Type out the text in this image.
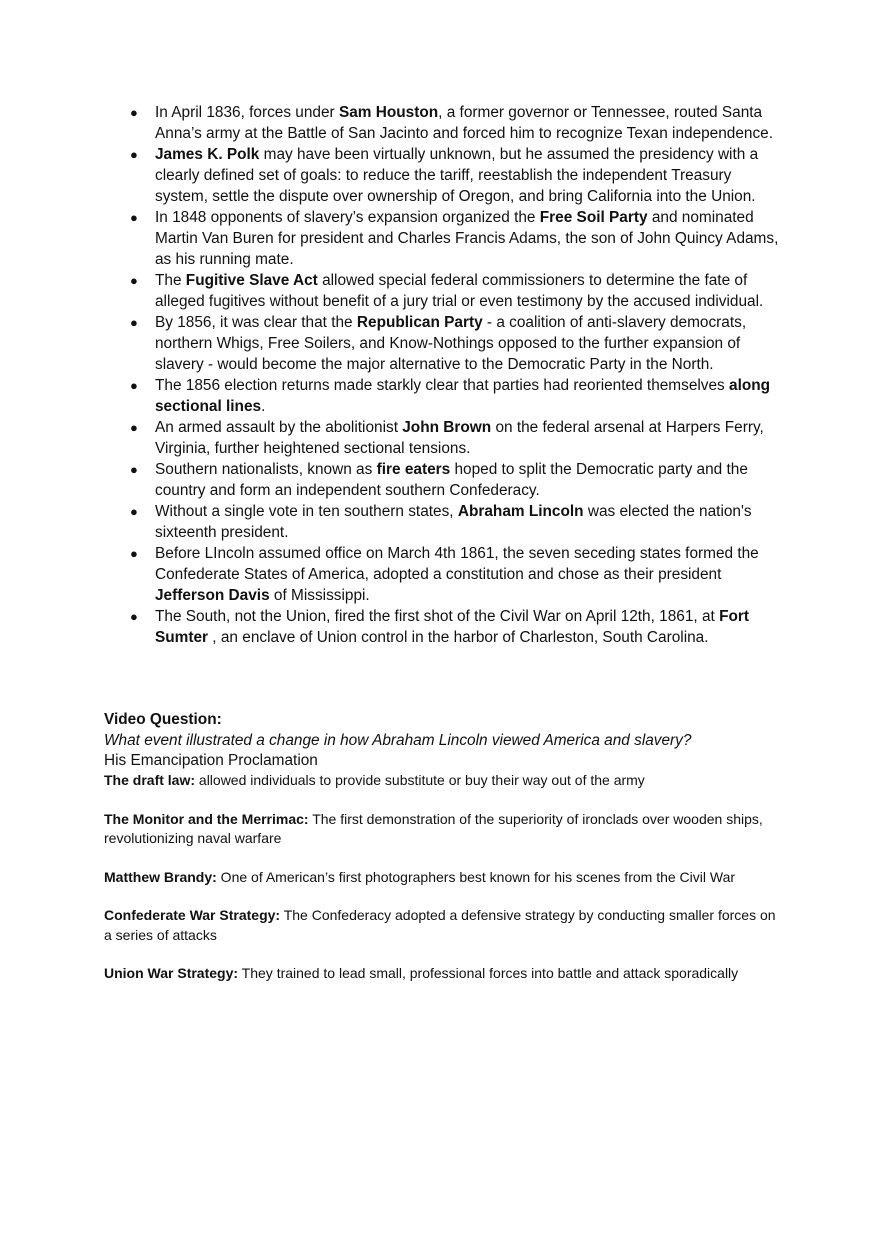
● In April 1836, forces under Sam Houston, a former governor or Tennessee, routed Santa Anna’s army at the Battle of San Jacinto and forced him to recognize Texan independence.
● James K. Polk may have been virtually unknown, but he assumed the presidency with a clearly defined set of goals: to reduce the tariff, reestablish the independent Treasury system, settle the dispute over ownership of Oregon, and bring California into the Union.
● In 1848 opponents of slavery’s expansion organized the Free Soil Party and nominated Martin Van Buren for president and Charles Francis Adams, the son of John Quincy Adams, as his running mate.
● The Fugitive Slave Act allowed special federal commissioners to determine the fate of alleged fugitives without benefit of a jury trial or even testimony by the accused individual.
● By 1856, it was clear that the Republican Party - a coalition of anti-slavery democrats, northern Whigs, Free Soilers, and Know-Nothings opposed to the further expansion of slavery - would become the major alternative to the Democratic Party in the North.
● The 1856 election returns made starkly clear that parties had reoriented themselves along sectional lines.
● An armed assault by the abolitionist John Brown on the federal arsenal at Harpers Ferry, Virginia, further heightened sectional tensions.
● Southern nationalists, known as fire eaters hoped to split the Democratic party and the country and form an independent southern Confederacy.
● Without a single vote in ten southern states, Abraham Lincoln was elected the nation's sixteenth president.
● Before LIncoln assumed office on March 4th 1861, the seven seceding states formed the Confederate States of America, adopted a constitution and chose as their president Jefferson Davis of Mississippi.
● The South, not the Union, fired the first shot of the Civil War on April 12th, 1861, at Fort Sumter , an enclave of Union control in the harbor of Charleston, South Carolina.
Video Question:
What event illustrated a change in how Abraham Lincoln viewed America and slavery?
His Emancipation Proclamation
The draft law: allowed individuals to provide substitute or buy their way out of the army
The Monitor and the Merrimac: The first demonstration of the superiority of ironclads over wooden ships, revolutionizing naval warfare
Matthew Brandy: One of American’s first photographers best known for his scenes from the Civil War
Confederate War Strategy: The Confederacy adopted a defensive strategy by conducting smaller forces on a series of attacks
Union War Strategy: They trained to lead small, professional forces into battle and attack sporadically
